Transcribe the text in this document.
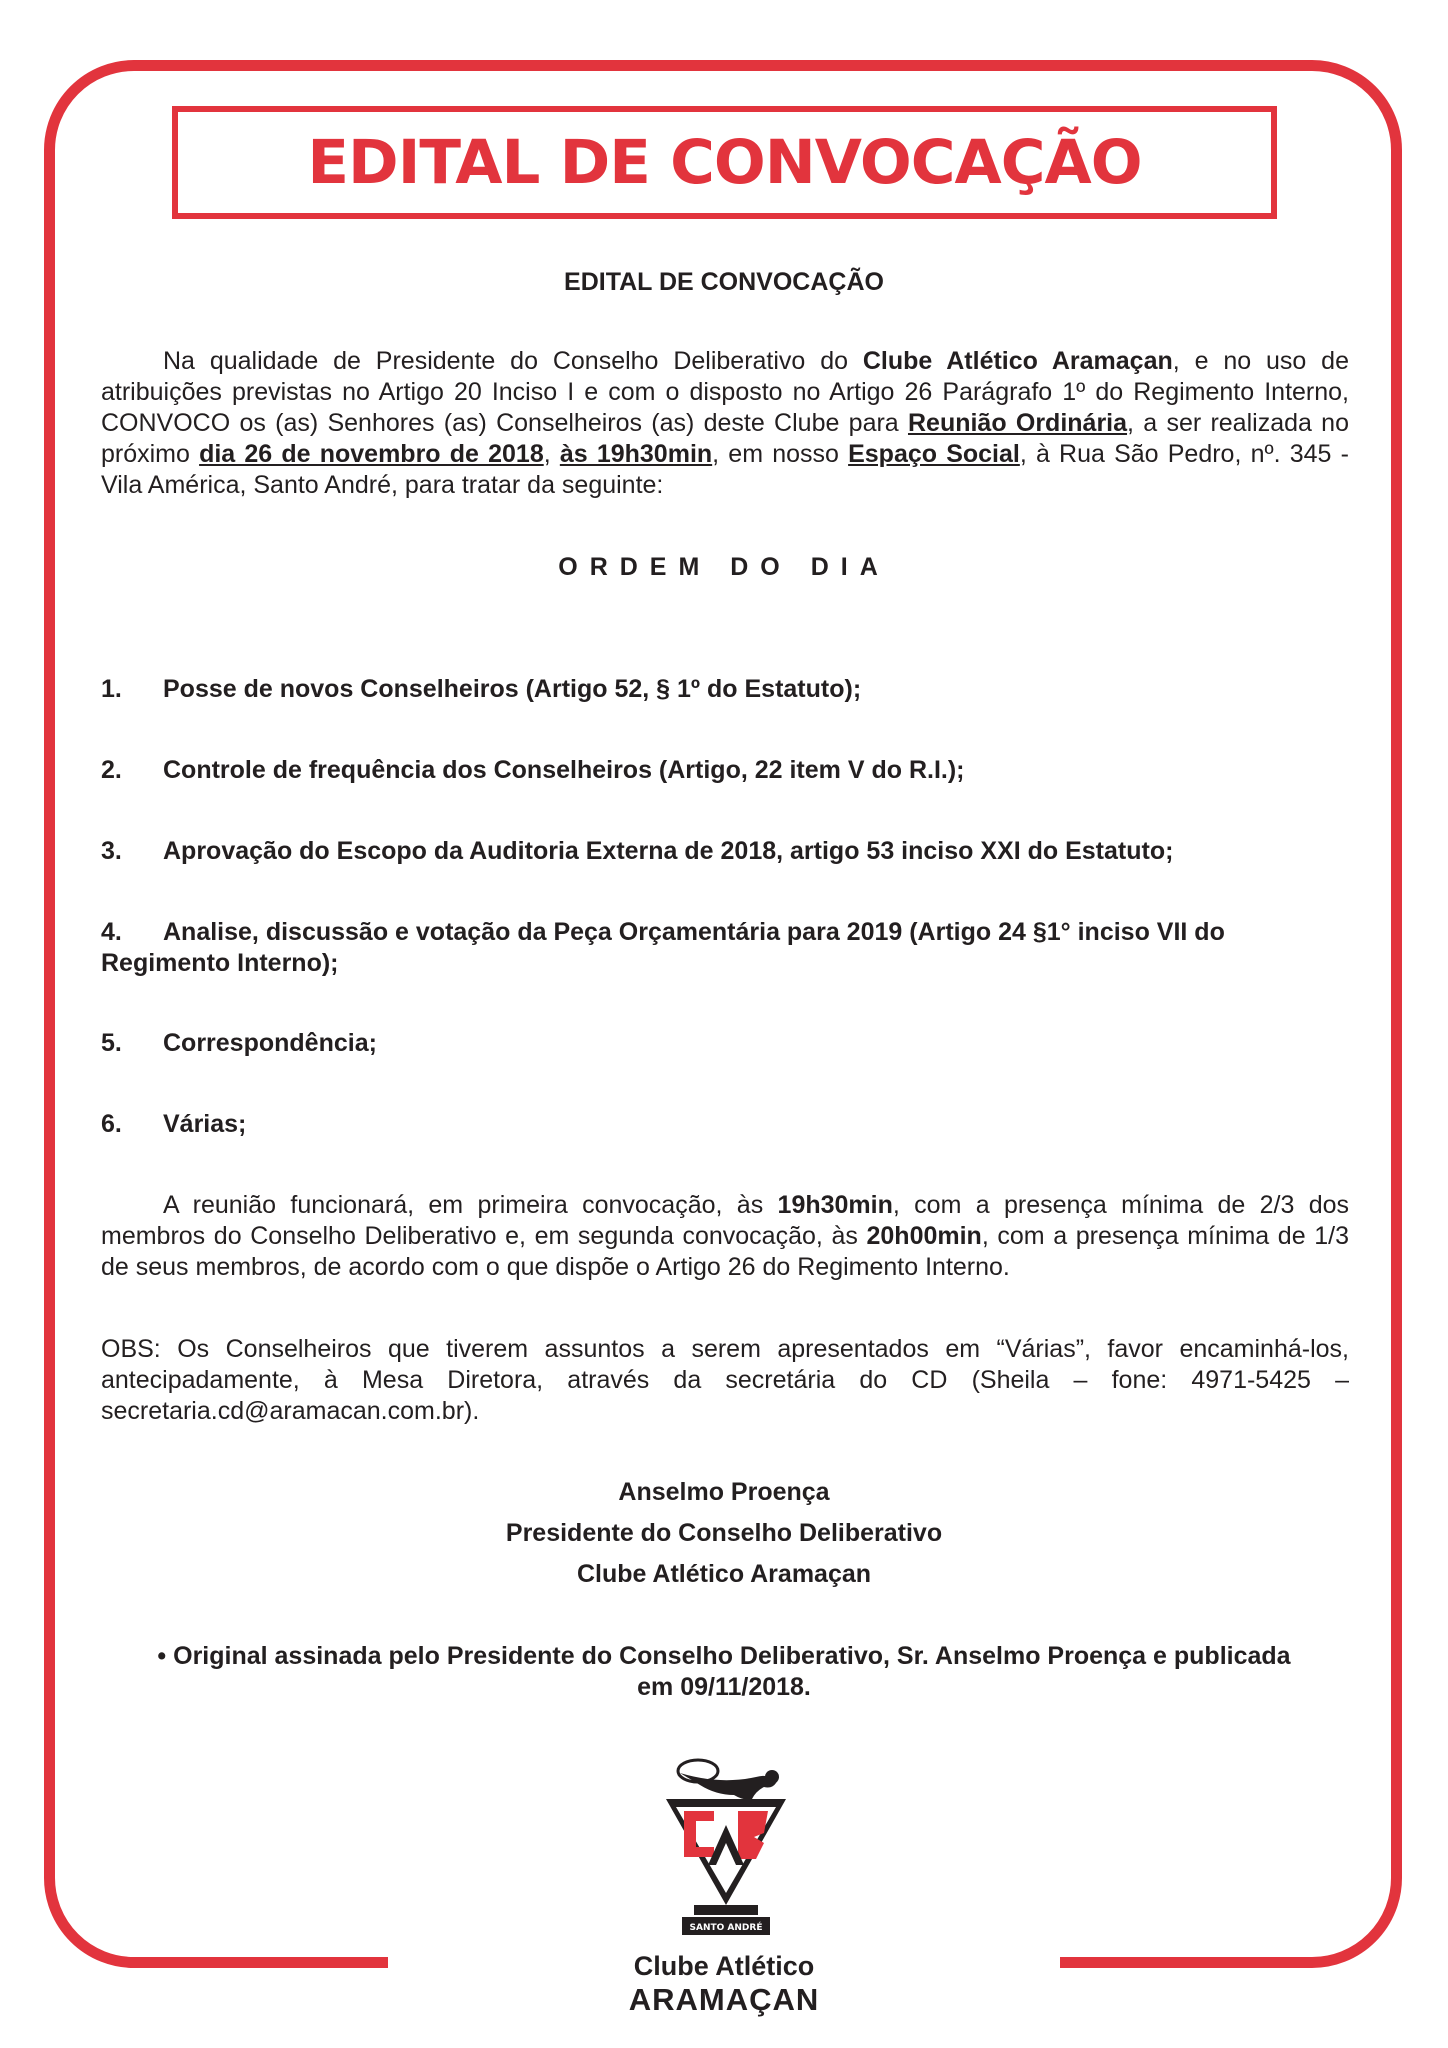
EDITAL DE CONVOCAÇÃO
EDITAL DE CONVOCAÇÃO
Na qualidade de Presidente do Conselho Deliberativo do Clube Atlético Aramaçan, e no uso de atribuições previstas no Artigo 20 Inciso I e com o disposto no Artigo 26 Parágrafo 1º do Regimento Interno, CONVOCO os (as) Senhores (as) Conselheiros (as) deste Clube para Reunião Ordinária, a ser realizada no próximo dia 26 de novembro de 2018, às 19h30min, em nosso Espaço Social, à Rua São Pedro, nº. 345 - Vila América, Santo André, para tratar da seguinte:
ORDEM DO DIA
1. Posse de novos Conselheiros (Artigo 52, § 1º do Estatuto);
2. Controle de frequência dos Conselheiros (Artigo, 22 item V do R.I.);
3. Aprovação do Escopo da Auditoria Externa de 2018, artigo 53 inciso XXI do Estatuto;
4. Analise, discussão e votação da Peça Orçamentária para 2019 (Artigo 24 §1° inciso VII do Regimento Interno);
5. Correspondência;
6. Várias;
A reunião funcionará, em primeira convocação, às 19h30min, com a presença mínima de 2/3 dos membros do Conselho Deliberativo e, em segunda convocação, às 20h00min, com a presença mínima de 1/3 de seus membros, de acordo com o que dispõe o Artigo 26 do Regimento Interno.
OBS: Os Conselheiros que tiverem assuntos a serem apresentados em “Várias”, favor encaminhá-los, antecipadamente, à Mesa Diretora, através da secretária do CD (Sheila – fone: 4971-5425 – secretaria.cd@aramacan.com.br).
Anselmo Proença
Presidente do Conselho Deliberativo
Clube Atlético Aramaçan
• Original assinada pelo Presidente do Conselho Deliberativo, Sr. Anselmo Proença e publicada em 09/11/2018.
SANTO ANDRÉ
Clube Atlético
ARAMAÇAN
